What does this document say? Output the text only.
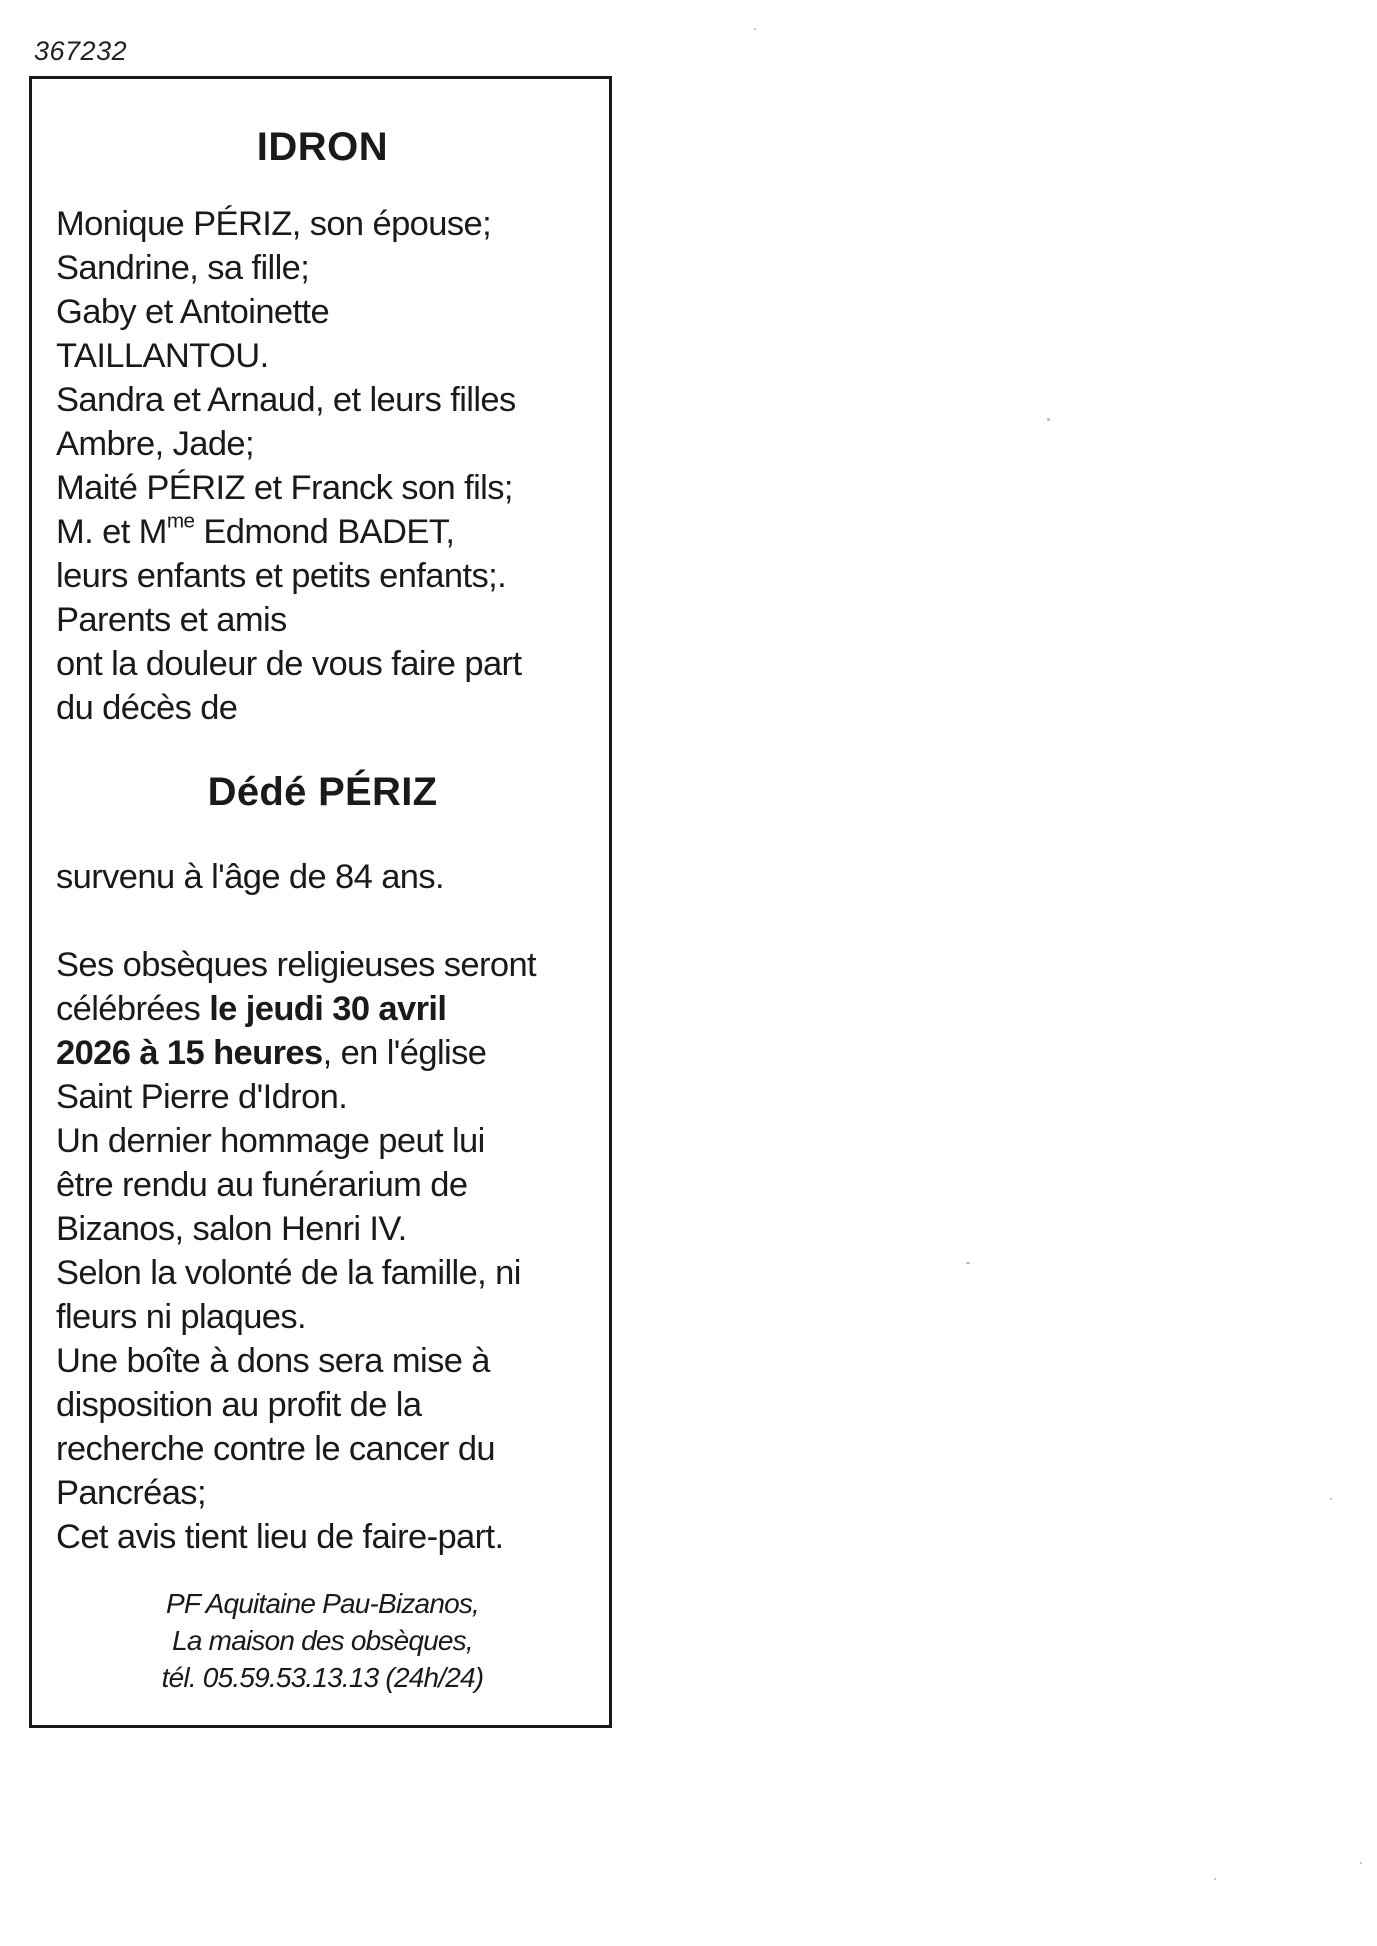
367232
IDRON
Monique PÉRIZ, son épouse;
Sandrine, sa fille;
Gaby et Antoinette
TAILLANTOU.
Sandra et Arnaud, et leurs filles
Ambre, Jade;
Maité PÉRIZ et Franck son fils;
M. et $M^{me}$ Edmond BADET,
leurs enfants et petits enfants;.
Parents et amis
ont la douleur de vous faire part
du décès de
Dédé PÉRIZ
survenu à l'âge de 84 ans.
Ses obsèques religieuses seront
célébrées le jeudi 30 avril
2026 à 15 heures, en l'église
Saint Pierre d'Idron.
Un dernier hommage peut lui
être rendu au funérarium de
Bizanos, salon Henri IV.
Selon la volonté de la famille, ni
fleurs ni plaques.
Une boîte à dons sera mise à
disposition au profit de la
recherche contre le cancer du
Pancréas;
Cet avis tient lieu de faire-part.
PF Aquitaine Pau-Bizanos,
La maison des obsèques,
tél. 05.59.53.13.13 (24h/24)
